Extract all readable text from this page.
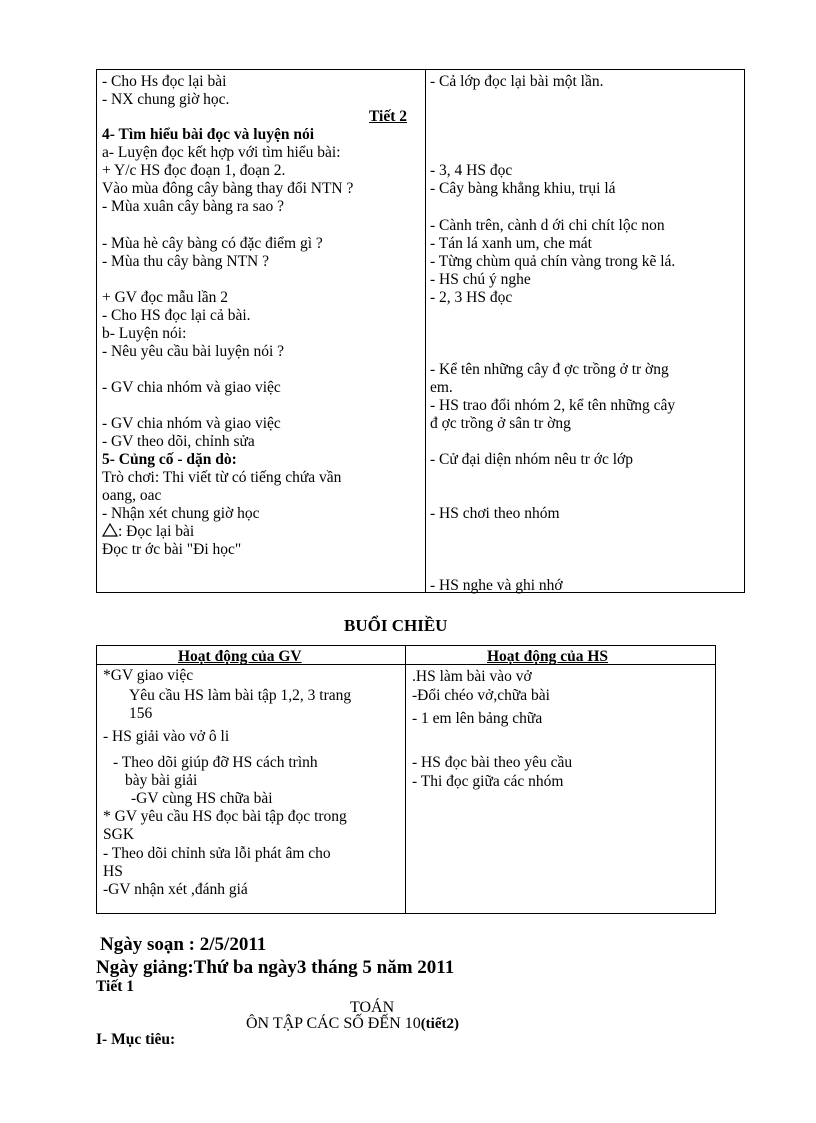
- Cho Hs đọc lại bài
- NX chung giờ học.
Tiết 2
4- Tìm hiểu bài đọc và luyện nói
a- Luyện đọc kết hợp với tìm hiểu bài:
+ Y/c HS đọc đoạn 1, đoạn 2.
Vào mùa đông cây bàng thay đổi NTN ?
- Mùa xuân cây bàng ra sao ?
- Mùa hè cây bàng có đặc điểm gì ?
- Mùa thu cây bàng NTN ?
+ GV đọc mẫu lần 2
- Cho HS đọc lại cả bài.
b- Luyện nói:
- Nêu yêu cầu bài luyện nói ?
- GV chia nhóm và giao việc
- GV chia nhóm và giao việc
- GV theo dõi, chỉnh sửa
5- Củng cố - dặn dò:
Trò chơi: Thi viết từ có tiếng chứa vần
oang, oac
- Nhận xét chung giờ học
: Đọc lại bài
Đọc tr ớc bài "Đi học"
- Cả lớp đọc lại bài một lần.
- 3, 4 HS đọc
- Cây bàng khẳng khiu, trụi lá
- Cành trên, cành d ới chi chít lộc non
- Tán lá xanh um, che mát
- Từng chùm quả chín vàng trong kẽ lá.
- HS chú ý nghe
- 2, 3 HS đọc
- Kể tên những cây đ ợc trồng ở tr ờng
em.
- HS trao đổi nhóm 2, kể tên những cây
đ ợc trồng ở sân tr ờng
- Cử đại diện nhóm nêu tr ớc lớp
- HS chơi theo nhóm
- HS nghe và ghi nhớ
BUỔI CHIỀU
Hoạt động của GV	Hoạt động của HS
*GV giao việc
Yêu cầu HS làm bài tập 1,2, 3 trang
156
- HS giải vào vở ô li
- Theo dõi giúp đỡ HS cách trình
bày bài giải
-GV cùng HS chữa bài
* GV yêu cầu HS đọc bài tập đọc trong
SGK
- Theo dõi chỉnh sửa lỗi phát âm cho
HS
-GV nhận xét ,đánh giá
.HS làm bài vào vở
-Đổi chéo vở,chữa bài
- 1 em lên bảng chữa
- HS đọc bài theo yêu cầu
- Thi đọc giữa các nhóm
Ngày soạn : 2/5/2011
Ngày giảng:Thứ ba ngày3 tháng 5 năm 2011
Tiết 1
TOÁN
ÔN TẬP CÁC SỐ ĐẾN 10(tiết2)
I- Mục tiêu:
